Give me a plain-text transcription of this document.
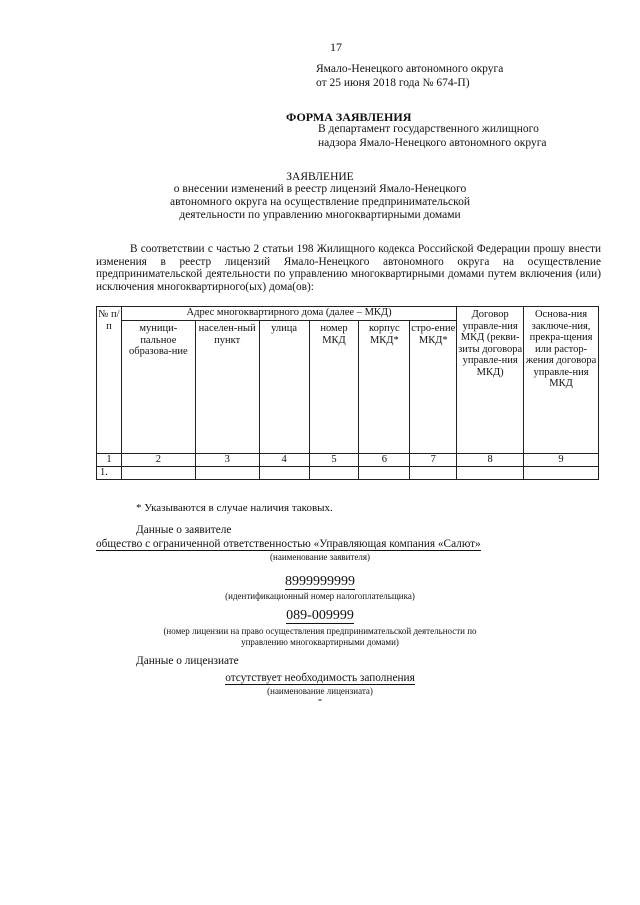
17
Ямало-Ненецкого автономного округа
от 25 июня 2018 года № 674-П)
ФОРМА ЗАЯВЛЕНИЯ
В департамент государственного жилищного
надзора Ямало-Ненецкого автономного округа
ЗАЯВЛЕНИЕ
о внесении изменений в реестр лицензий Ямало-Ненецкого
автономного округа на осуществление предпринимательской
деятельности по управлению многоквартирными домами

В соответствии с частью 2 статьи 198 Жилищного кодекса Российской Федерации прошу внести изменения в реестр лицензий Ямало-Ненецкого автономного округа на осуществление предпринимательской деятельности по управлению многоквартирными домами путем включения (или) исключения многоквартирного(ых) дома(ов):

№ п/п	Адрес многоквартирного дома (далее – МКД)						Договор управле-ния МКД (рекви-зиты договора управле-ния МКД)	Основа-ния заключе-ния, прекра-щения или растор-жения договора управле-ния МКД
	муници-пальное образова-ние	населен-ный пункт	улица	номер МКД	корпус МКД*	стро-ение МКД*		
1	2	3	4	5	6	7	8	9
1.								
* Указываются в случае наличия таковых.
Данные о заявителе
общество с ограниченной ответственностью «Управляющая компания «Салют»
(наименование заявителя)
8999999999
(идентификационный номер налогоплательщика)
089-009999
(номер лицензии на право осуществления предпринимательской деятельности по
управлению многоквартирными домами)
Данные о лицензиате
отсутствует необходимость заполнения
(наименование лицензиата)
-
